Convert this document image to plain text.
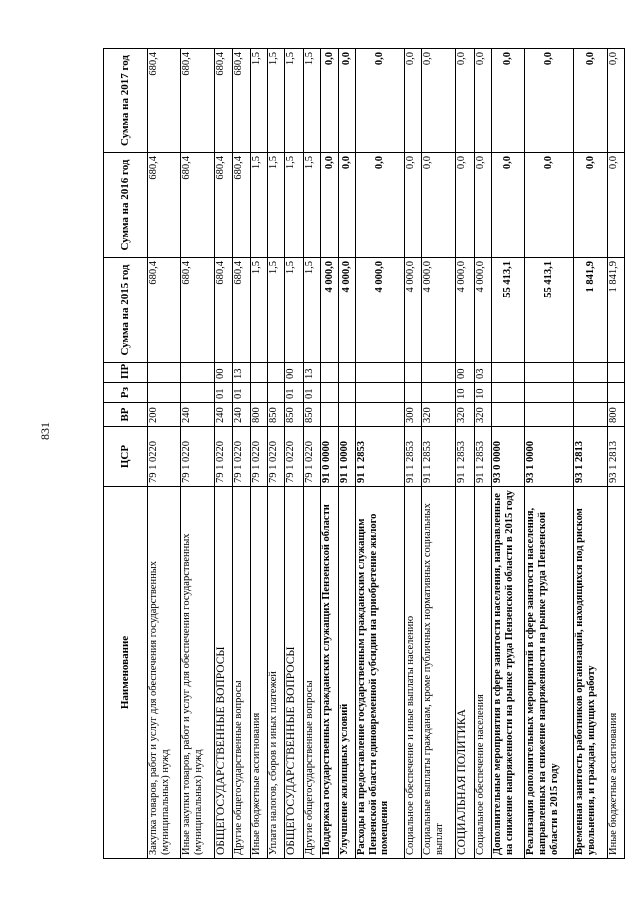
831
Наименование	ЦСР	ВР	Рз	ПР	Сумма на 2015 год	Сумма на 2016 год	Сумма на 2017 год
Закупка товаров, работ и услуг для обеспечения государственных (муниципальных) нужд	79 1 0220	200			680,4	680,4	680,4
Иные закупки товаров, работ и услуг для обеспечения государственных (муниципальных) нужд	79 1 0220	240			680,4	680,4	680,4
ОБЩЕГОСУДАРСТВЕННЫЕ ВОПРОСЫ	79 1 0220	240	01	00	680,4	680,4	680,4
Другие общегосударственные вопросы	79 1 0220	240	01	13	680,4	680,4	680,4
Иные бюджетные ассигнования	79 1 0220	800			1,5	1,5	1,5
Уплата налогов, сборов и иных платежей	79 1 0220	850			1,5	1,5	1,5
ОБЩЕГОСУДАРСТВЕННЫЕ ВОПРОСЫ	79 1 0220	850	01	00	1,5	1,5	1,5
Другие общегосударственные вопросы	79 1 0220	850	01	13	1,5	1,5	1,5
Поддержка государственных гражданских служащих Пензенской области	91 0 0000				4 000,0	0,0	0,0
Улучшение жилищных условий	91 1 0000				4 000,0	0,0	0,0
Расходы на предоставление государственным гражданским служащим Пензенской области единовременной субсидии на приобретение жилого помещения	91 1 2853				4 000,0	0,0	0,0
Социальное обеспечение и иные выплаты населению	91 1 2853	300			4 000,0	0,0	0,0
Социальные выплаты гражданам, кроме публичных нормативных социальных выплат	91 1 2853	320			4 000,0	0,0	0,0
СОЦИАЛЬНАЯ ПОЛИТИКА	91 1 2853	320	10	00	4 000,0	0,0	0,0
Социальное обеспечение населения	91 1 2853	320	10	03	4 000,0	0,0	0,0
Дополнительные мероприятия в сфере занятости населения, направленные на снижение напряженности на рынке труда Пензенской области в 2015 году	93 0 0000				55 413,1	0,0	0,0
Реализация дополнительных мероприятий в сфере занятости населения, направленных на снижение напряженности на рынке труда Пензенской области в 2015 году	93 1 0000				55 413,1	0,0	0,0
Временная занятость работников организаций, находящихся под риском увольнения, и граждан, ищущих работу	93 1 2813				1 841,9	0,0	0,0
Иные бюджетные ассигнования	93 1 2813	800			1 841,9	0,0	0,0
